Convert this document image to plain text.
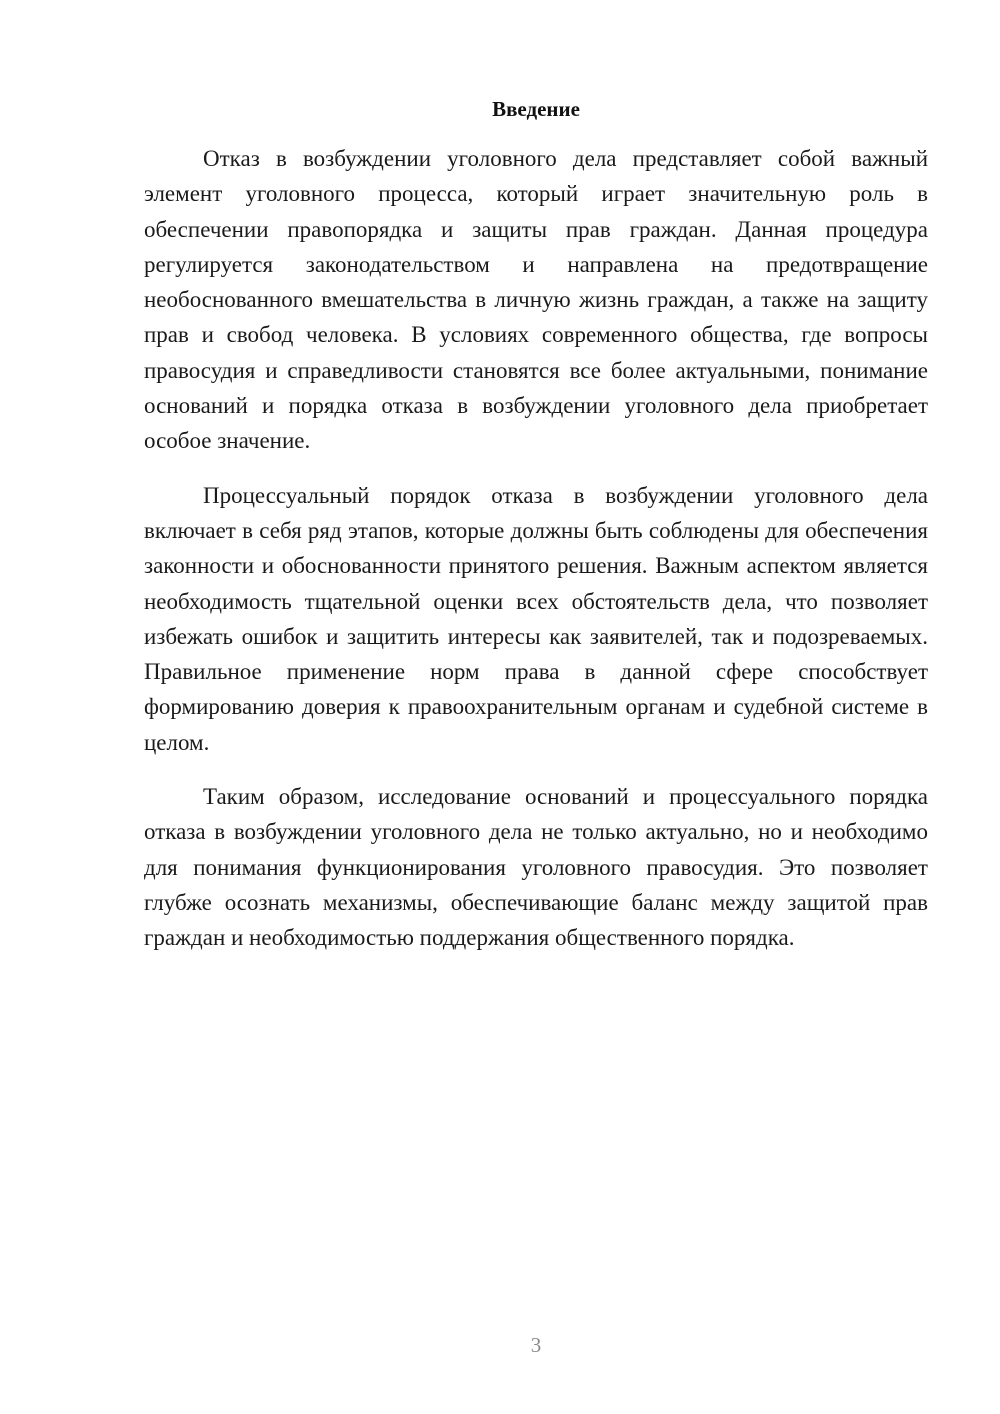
Введение

Отказ в возбуждении уголовного дела представляет собой важный элемент уголовного процесса, который играет значительную роль в обеспечении правопорядка и защиты прав граждан. Данная процедура регулируется законодательством и направлена на предотвращение необоснованного вмешательства в личную жизнь граждан, а также на защиту прав и свобод человека. В условиях современного общества, где вопросы правосудия и справедливости становятся все более актуальными, понимание оснований и порядка отказа в возбуждении уголовного дела приобретает особое значение.

Процессуальный порядок отказа в возбуждении уголовного дела включает в себя ряд этапов, которые должны быть соблюдены для обеспечения законности и обоснованности принятого решения. Важным аспектом является необходимость тщательной оценки всех обстоятельств дела, что позволяет избежать ошибок и защитить интересы как заявителей, так и подозреваемых. Правильное применение норм права в данной сфере способствует формированию доверия к правоохранительным органам и судебной системе в целом.

Таким образом, исследование оснований и процессуального порядка отказа в возбуждении уголовного дела не только актуально, но и необходимо для понимания функционирования уголовного правосудия. Это позволяет глубже осознать механизмы, обеспечивающие баланс между защитой прав граждан и необходимостью поддержания общественного порядка.

3
